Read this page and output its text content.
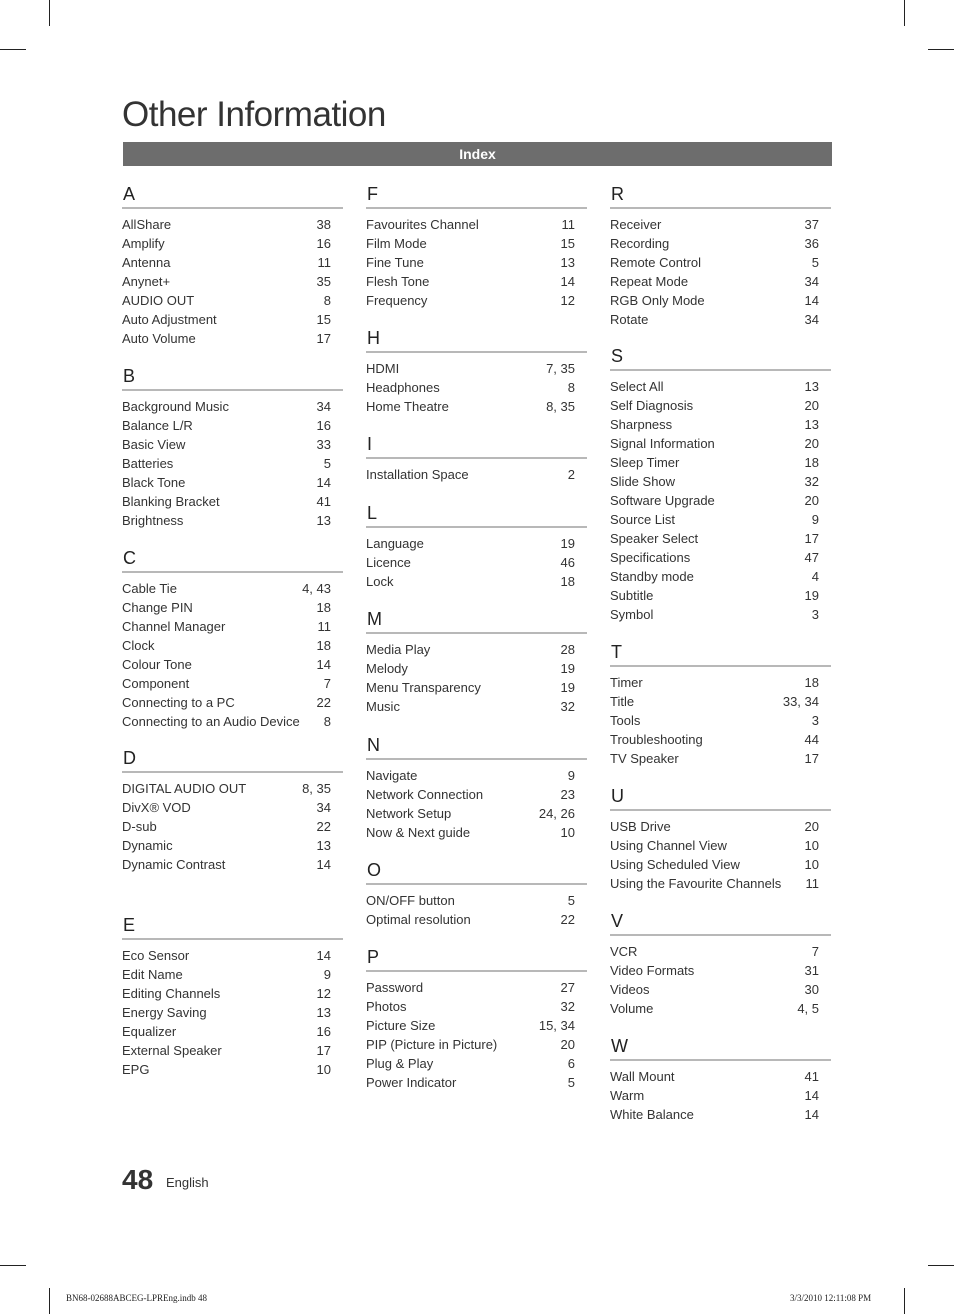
Other Information
Index
A
AllShare	38
Amplify	16
Antenna	11
Anynet+	35
AUDIO OUT	8
Auto Adjustment	15
Auto Volume	17
B
Background Music	34
Balance L/R	16
Basic View	33
Batteries	5
Black Tone	14
Blanking Bracket	41
Brightness	13
C
Cable Tie	4, 43
Change PIN	18
Channel Manager	11
Clock	18
Colour Tone	14
Component	7
Connecting to a PC	22
Connecting to an Audio Device 8
D
DIGITAL AUDIO OUT	8, 35
DivX® VOD	34
D-sub	22
Dynamic	13
Dynamic Contrast	14
E
Eco Sensor	14
Edit Name	9
Editing Channels	12
Energy Saving	13
Equalizer	16
External Speaker	17
EPG	10
F
Favourites Channel	11
Film Mode	15
Fine Tune	13
Flesh Tone	14
Frequency	12
H
HDMI	7, 35
Headphones	8
Home Theatre	8, 35
I
Installation Space	2
L
Language	19
Licence	46
Lock	18
M
Media Play	28
Melody	19
Menu Transparency	19
Music	32
N
Navigate	9
Network Connection	23
Network Setup	24, 26
Now & Next guide	10
O
ON/OFF button	5
Optimal resolution	22
P
Password	27
Photos	32
Picture Size	15, 34
PIP (Picture in Picture)	20
Plug & Play	6
Power Indicator	5
R
Receiver	37
Recording	36
Remote Control	5
Repeat Mode	34
RGB Only Mode	14
Rotate	34
S
Select All	13
Self Diagnosis	20
Sharpness	13
Signal Information	20
Sleep Timer	18
Slide Show	32
Software Upgrade	20
Source List	9
Speaker Select	17
Specifications	47
Standby mode	4
Subtitle	19
Symbol	3
T
Timer	18
Title	33, 34
Tools	3
Troubleshooting	44
TV Speaker	17
U
USB Drive	20
Using Channel View	10
Using Scheduled View	10
Using the Favourite Channels 11
V
VCR	7
Video Formats	31
Videos	30
Volume	4, 5
W
Wall Mount	41
Warm	14
White Balance	14
48 English
BN68-02688ABCEG-LPREng.indb 48	3/3/2010 12:11:08 PM
